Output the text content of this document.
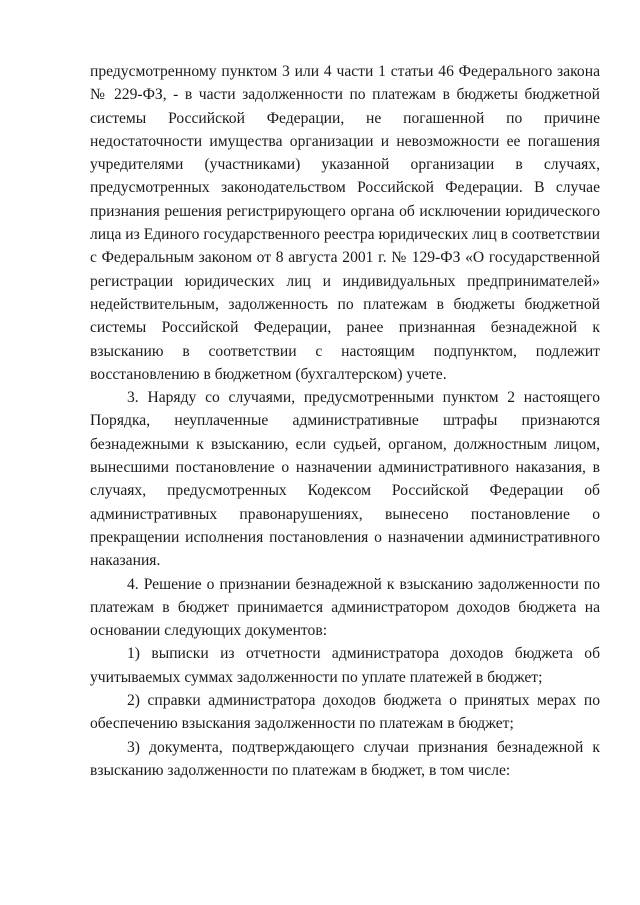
предусмотренному пунктом 3 или 4 части 1 статьи 46 Федерального закона № 229-ФЗ, - в части задолженности по платежам в бюджеты бюджетной системы Российской Федерации, не погашенной по причине недостаточности имущества организации и невозможности ее погашения учредителями (участниками) указанной организации в случаях, предусмотренных законодательством Российской Федерации. В случае признания решения регистрирующего органа об исключении юридического лица из Единого государственного реестра юридических лиц в соответствии с Федеральным законом от 8 августа 2001 г. № 129-ФЗ «О государственной регистрации юридических лиц и индивидуальных предпринимателей» недействительным, задолженность по платежам в бюджеты бюджетной системы Российской Федерации, ранее признанная безнадежной к взысканию в соответствии с настоящим подпунктом, подлежит восстановлению в бюджетном (бухгалтерском) учете.

3. Наряду со случаями, предусмотренными пунктом 2 настоящего Порядка, неуплаченные административные штрафы признаются безнадежными к взысканию, если судьей, органом, должностным лицом, вынесшими постановление о назначении административного наказания, в случаях, предусмотренных Кодексом Российской Федерации об административных правонарушениях, вынесено постановление о прекращении исполнения постановления о назначении административного наказания.

4. Решение о признании безнадежной к взысканию задолженности по платежам в бюджет принимается администратором доходов бюджета на основании следующих документов:

1) выписки из отчетности администратора доходов бюджета об учитываемых суммах задолженности по уплате платежей в бюджет;

2) справки администратора доходов бюджета о принятых мерах по обеспечению взыскания задолженности по платежам в бюджет;

3) документа, подтверждающего случаи признания безнадежной к взысканию задолженности по платежам в бюджет, в том числе:
